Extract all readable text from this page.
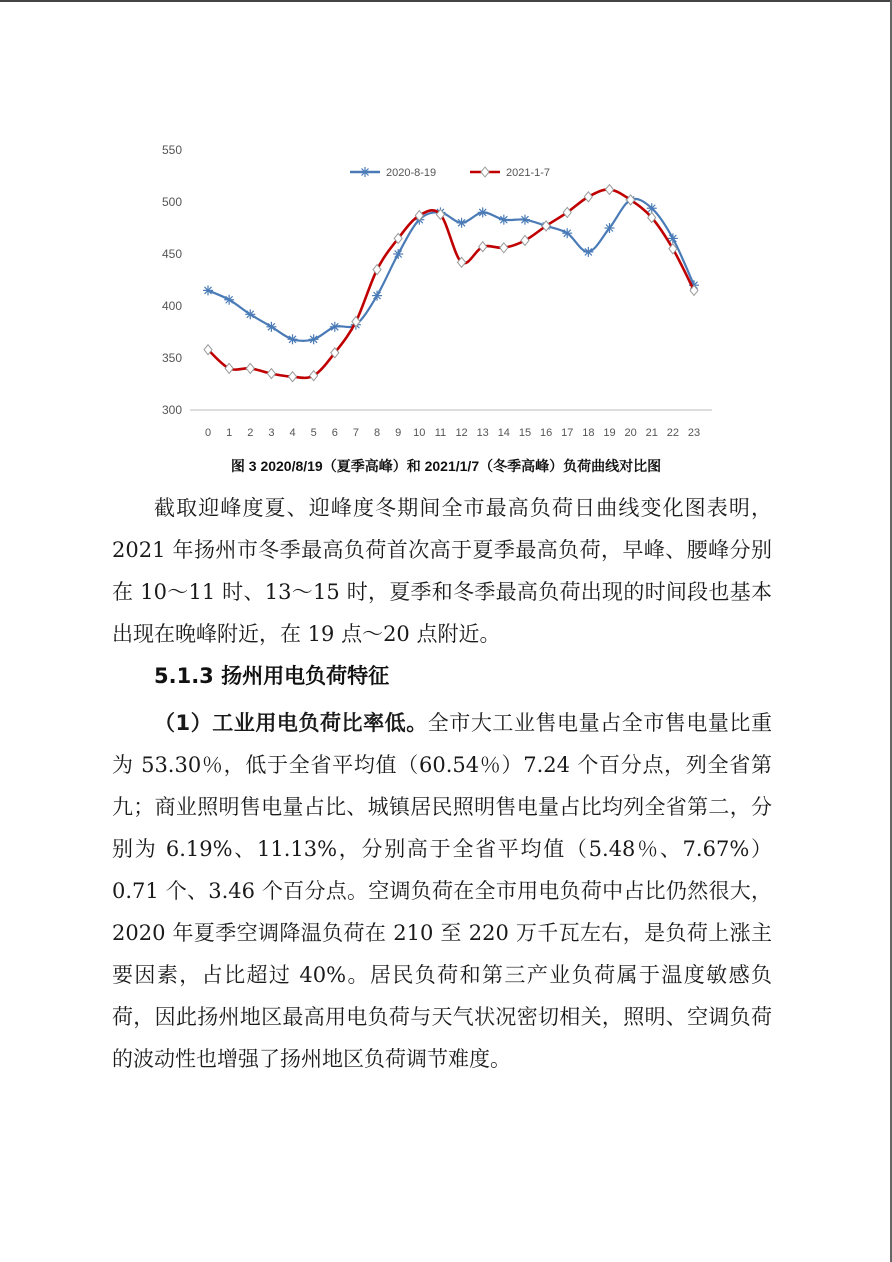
300
350
400
450
500
550
0 1 2 3 4 5 6 7 8 9 10 11 12 13 14 15 16 17 18 19 20 21 22 23
2020-8-19	2021-1-7
图 3 2020/8/19（夏季高峰）和 2021/1/7（冬季高峰）负荷曲线对比图

截取迎峰度夏、迎峰度冬期间全市最高负荷日曲线变化图表明，2021 年扬州市冬季最高负荷首次高于夏季最高负荷，早峰、腰峰分别在 10～11 时、13～15 时，夏季和冬季最高负荷出现的时间段也基本出现在晚峰附近，在 19 点～20 点附近。

5.1.3 扬州用电负荷特征

（1）工业用电负荷比率低。全市大工业售电量占全市售电量比重为 53.30％，低于全省平均值（60.54％）7.24 个百分点，列全省第九；商业照明售电量占比、城镇居民照明售电量占比均列全省第二，分别为 6.19%、11.13%，分别高于全省平均值（5.48％、7.67%）0.71 个、3.46 个百分点。空调负荷在全市用电负荷中占比仍然很大，2020 年夏季空调降温负荷在 210 至 220 万千瓦左右，是负荷上涨主要因素，占比超过 40%。居民负荷和第三产业负荷属于温度敏感负荷，因此扬州地区最高用电负荷与天气状况密切相关，照明、空调负荷的波动性也增强了扬州地区负荷调节难度。
